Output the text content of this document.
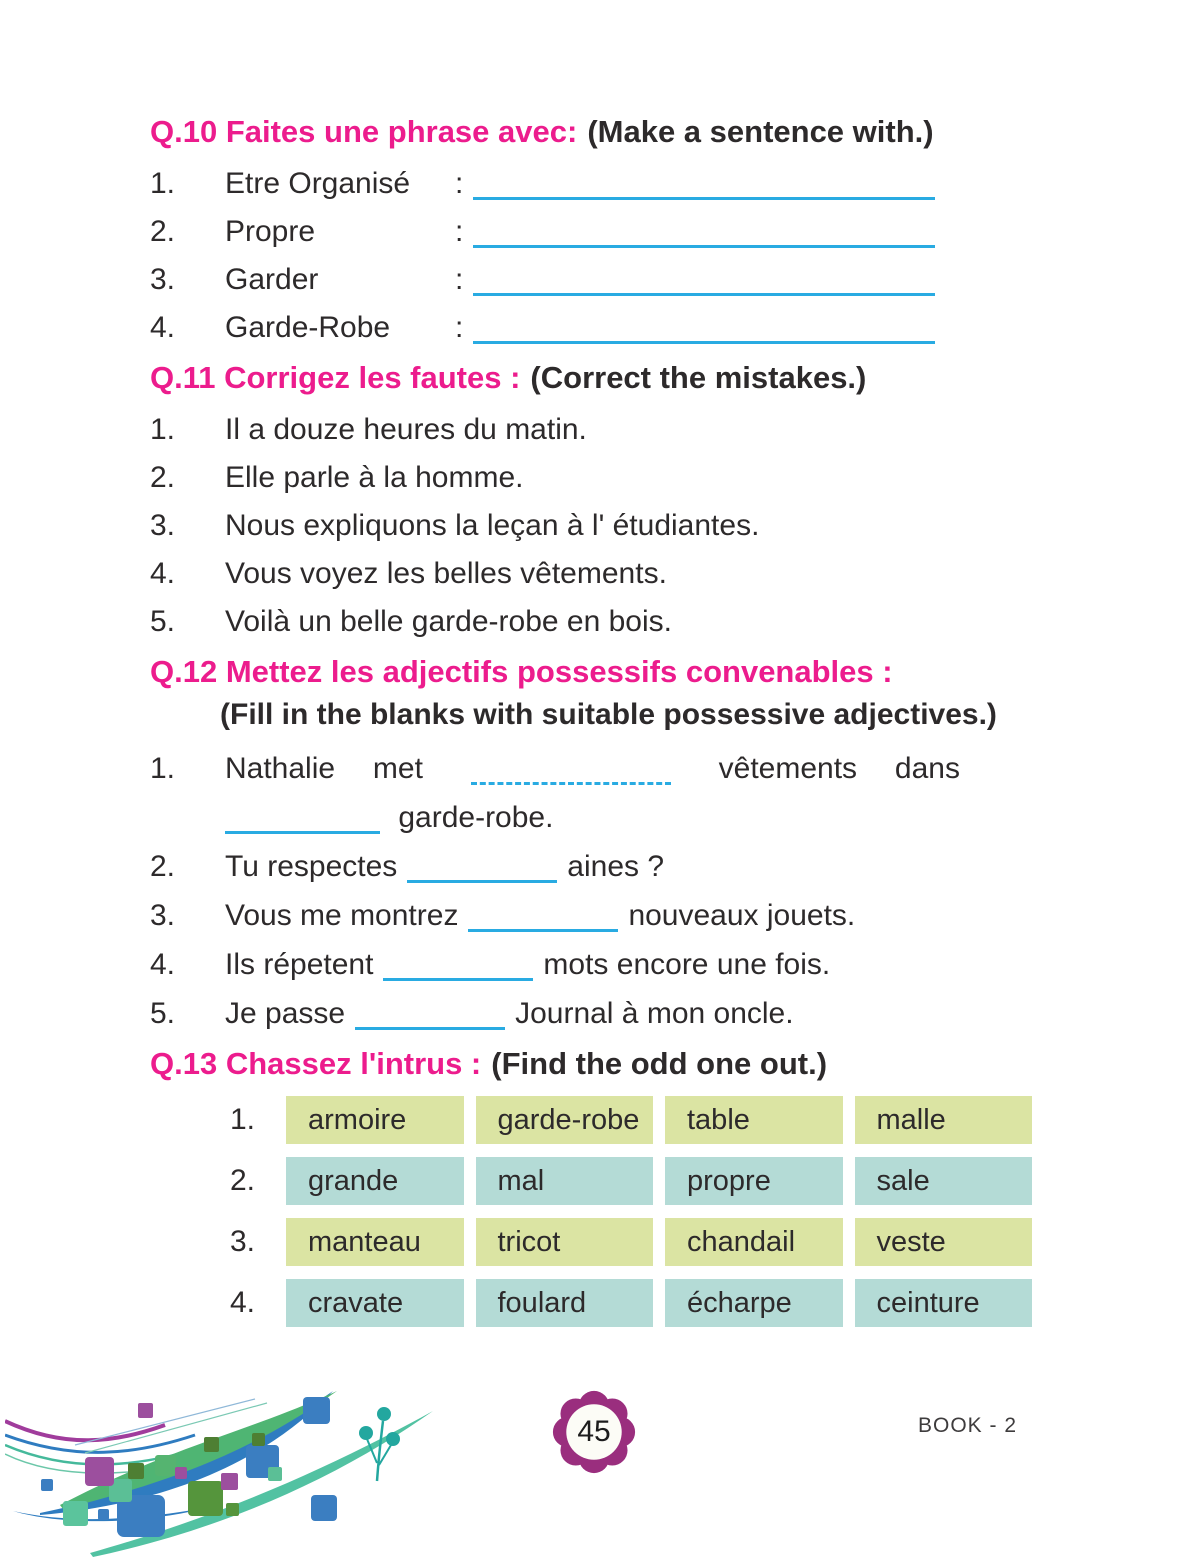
Q.10 Faites une phrase avec: (Make a sentence with.)
1. Etre Organisé :
2. Propre	:
3. Garder	:
4. Garde-Robe :
Q.11 Corrigez les fautes : (Correct the mistakes.)
1. Il a douze heures du matin.
2. Elle parle à la homme.
3. Nous expliquons la leçan à l' étudiantes.
4. Vous voyez les belles vêtements.
5. Voilà un belle garde-robe en bois.
Q.12 Mettez les adjectifs possessifs convenables :
(Fill in the blanks with suitable possessive adjectives.)
1. Nathalie met	vêtements dans
garde-robe.
2. Tu respectes	aines ?
3. Vous me montrez	nouveaux jouets.
4. Ils répetent	mots encore une fois.
5. Je passe	Journal à mon oncle.
Q.13 Chassez l'intrus : (Find the odd one out.)
1.	armoire	garde-robe	table	malle
2.	grande	mal	propre	sale
3.	manteau	tricot	chandail	veste
4.	cravate	foulard	écharpe	ceinture
45	BOOK - 2
